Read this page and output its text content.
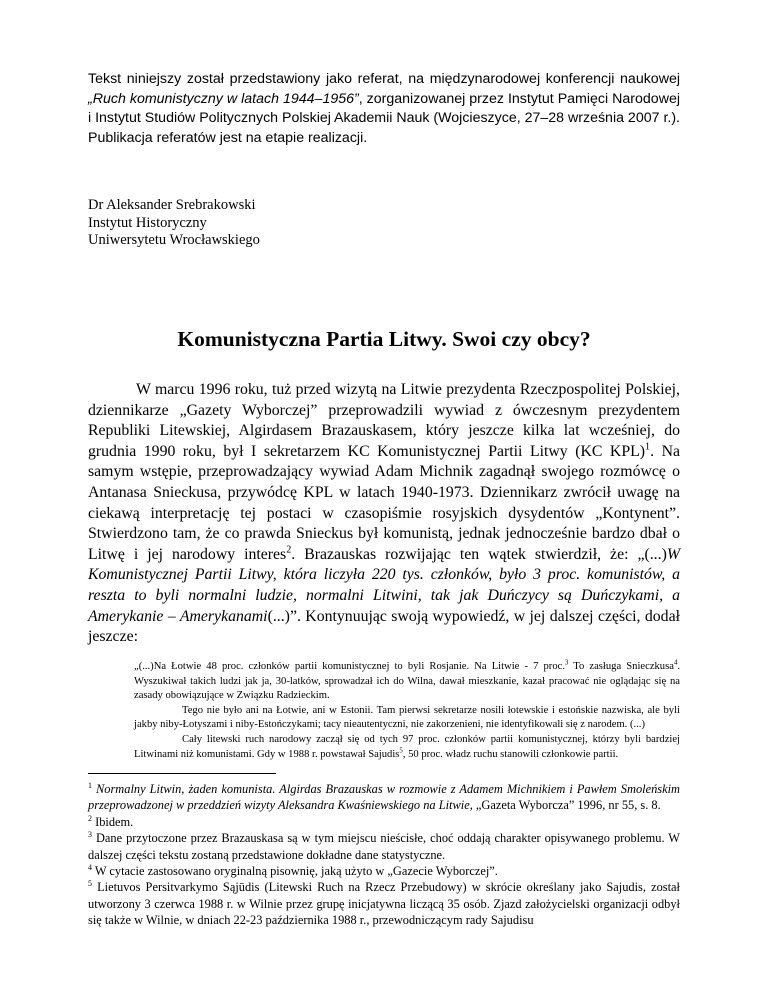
Tekst niniejszy został przedstawiony jako referat, na międzynarodowej konferencji naukowej „Ruch komunistyczny w latach 1944–1956”, zorganizowanej przez Instytut Pamięci Narodowej i Instytut Studiów Politycznych Polskiej Akademii Nauk (Wojcieszyce, 27–28 września 2007 r.). Publikacja referatów jest na etapie realizacji.

Dr Aleksander Srebrakowski
Instytut Historyczny
Uniwersytetu Wrocławskiego
Komunistyczna Partia Litwy. Swoi czy obcy?

W marcu 1996 roku, tuż przed wizytą na Litwie prezydenta Rzeczpospolitej Polskiej, dziennikarze „Gazety Wyborczej” przeprowadzili wywiad z ówczesnym prezydentem Republiki Litewskiej, Algirdasem Brazauskasem, który jeszcze kilka lat wcześniej, do grudnia 1990 roku, był I sekretarzem KC Komunistycznej Partii Litwy (KC KPL)$^1$. Na samym wstępie, przeprowadzający wywiad Adam Michnik zagadnął swojego rozmówcę o Antanasa Snieckusa, przywódcę KPL w latach 1940-1973. Dziennikarz zwrócił uwagę na ciekawą interpretację tej postaci w czasopiśmie rosyjskich dysydentów „Kontynent”. Stwierdzono tam, że co prawda Snieckus był komunistą, jednak jednocześnie bardzo dbał o Litwę i jej narodowy interes$^2$. Brazauskas rozwijając ten wątek stwierdził, że: „(...)W Komunistycznej Partii Litwy, która liczyła 220 tys. członków, było 3 proc. komunistów, a reszta to byli normalni ludzie, normalni Litwini, tak jak Duńczycy są Duńczykami, a Amerykanie – Amerykanami(...)”. Kontynuując swoją wypowiedź, w jej dalszej części, dodał jeszcze:

„(...)Na Łotwie 48 proc. członków partii komunistycznej to byli Rosjanie. Na Litwie - 7 proc.$^3$ To zasługa Snieczkusa$^4$. Wyszukiwał takich ludzi jak ja, 30-latków, sprowadzał ich do Wilna, dawał mieszkanie, kazał pracować nie oglądając się na zasady obowiązujące w Związku Radzieckim.

Tego nie było ani na Łotwie, ani w Estonii. Tam pierwsi sekretarze nosili łotewskie i estońskie nazwiska, ale byli jakby niby-Łotyszami i niby-Estończykami; tacy nieautentyczni, nie zakorzenieni, nie identyfikowali się z narodem. (...)

Cały litewski ruch narodowy zaczął się od tych 97 proc. członków partii komunistycznej, którzy byli bardziej Litwinami niż komunistami. Gdy w 1988 r. powstawał Sajudis$^5$, 50 proc. władz ruchu stanowili członkowie partii.

$^1$ Normalny Litwin, żaden komunista. Algirdas Brazauskas w rozmowie z Adamem Michnikiem i Pawłem Smoleńskim przeprowadzonej w przeddzień wizyty Aleksandra Kwaśniewskiego na Litwie, „Gazeta Wyborcza” 1996, nr 55, s. 8.

$^2$ Ibidem.

$^3$ Dane przytoczone przez Brazauskasa są w tym miejscu nieścisłe, choć oddają charakter opisywanego problemu. W dalszej części tekstu zostaną przedstawione dokładne dane statystyczne.

$^4$ W cytacie zastosowano oryginalną pisownię, jaką użyto w „Gazecie Wyborczej”.

$^5$ Lietuvos Persitvarkymo Sąjūdis (Litewski Ruch na Rzecz Przebudowy) w skrócie określany jako Sajudis, został utworzony 3 czerwca 1988 r. w Wilnie przez grupę inicjatywna liczącą 35 osób. Zjazd założycielski organizacji odbył się także w Wilnie, w dniach 22-23 października 1988 r., przewodniczącym rady Sajudisu
